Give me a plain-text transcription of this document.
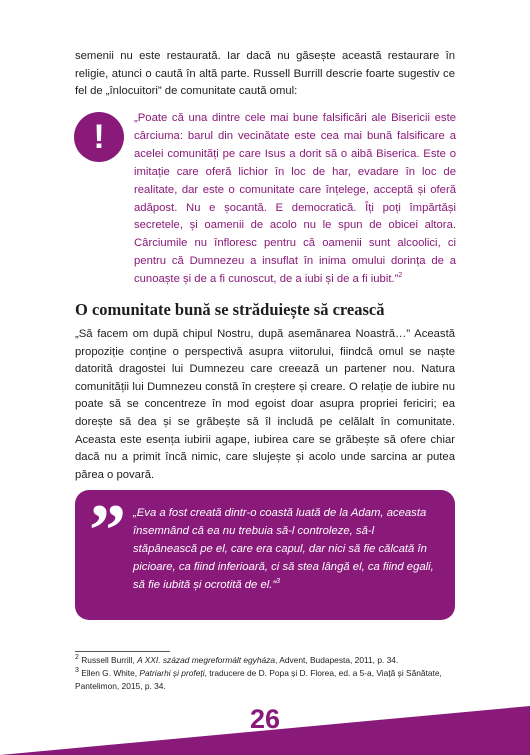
semenii nu este restaurată. Iar dacă nu găsește această restaurare în religie, atunci o caută în altă parte. Russell Burrill descrie foarte sugestiv ce fel de „înlocuitori” de comunitate caută omul:

!	„Poate că una dintre cele mai bune falsificări ale Bisericii este cârciuma: barul din vecinătate este cea mai bună falsificare a acelei comunități pe care Isus a dorit să o aibă Biserica. Este o imitație care oferă lichior în loc de har, evadare în loc de realitate, dar este o comunitate care înțelege, acceptă și oferă adăpost. Nu e șocantă. E democratică. Îți poți împărtăși secretele, și oamenii de acolo nu le spun de obicei altora. Cârciumile nu înfloresc pentru că oamenii sunt alcoolici, ci pentru că Dumnezeu a insuflat în inima omului dorința de a cunoaște și de a fi cunoscut, de a iubi și de a fi iubit.”$^2$

O comunitate bună se străduiește să crească

„Să facem om după chipul Nostru, după asemănarea Noastră…” Această propoziție conține o perspectivă asupra viitorului, fiindcă omul se naște datorită dragostei lui Dumnezeu care creează un partener nou. Natura comunității lui Dumnezeu constă în creștere și creare. O relație de iubire nu poate să se concentreze în mod egoist doar asupra propriei fericiri; ea dorește să dea și se grăbește să îl includă pe celălalt în comunitate. Aceasta este esența iubirii agape, iubirea care se grăbește să ofere chiar dacă nu a primit încă nimic, care slujește și acolo unde sarcina ar putea părea o povară.

” „Eva a fost creată dintr-o coastă luată de la Adam, aceasta însemnând că ea nu trebuia să-l controleze, să-l stăpânească pe el, care era capul, dar nici să fie călcată în picioare, ca fiind inferioară, ci să stea lângă el, ca fiind egali, să fie iubită și ocrotită de el.”$^3$

$^2$ Russell Burrill, A XXI. század megreformált egyháza, Advent, Budapesta, 2011, p. 34.

$^3$ Ellen G. White, Patriarhi și profeți, traducere de D. Popa și D. Florea, ed. a 5-a, Viață și Sănătate, Pantelimon, 2015, p. 34.

26
